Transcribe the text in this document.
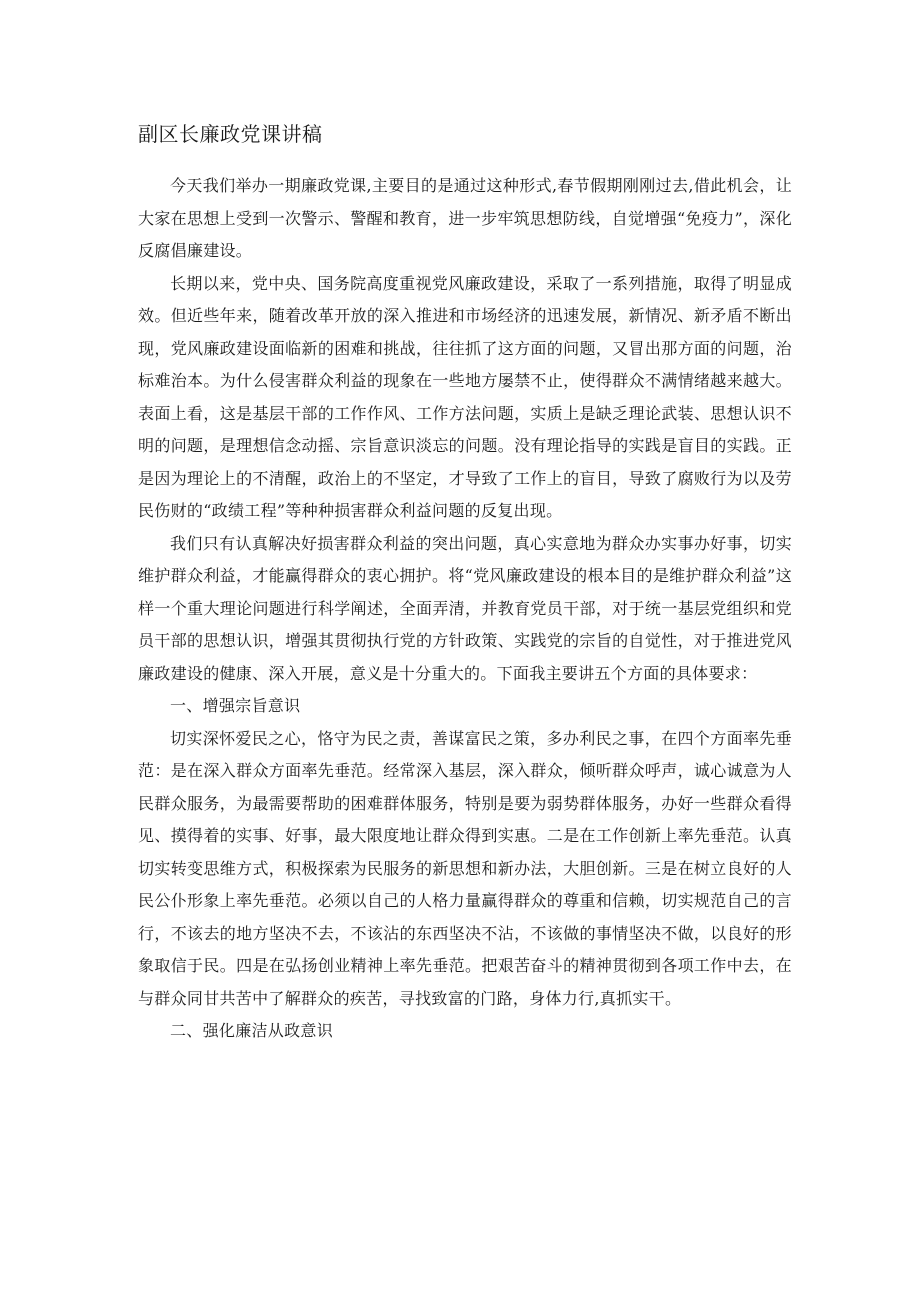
副区长廉政党课讲稿

今天我们举办一期廉政党课,主要目的是通过这种形式,春节假期刚刚过去,借此机会，让大家在思想上受到一次警示、警醒和教育，进一步牢筑思想防线，自觉增强“免疫力”，深化反腐倡廉建设。

长期以来，党中央、国务院高度重视党风廉政建设，采取了一系列措施，取得了明显成效。但近些年来，随着改革开放的深入推进和市场经济的迅速发展，新情况、新矛盾不断出现，党风廉政建设面临新的困难和挑战，往往抓了这方面的问题，又冒出那方面的问题，治标难治本。为什么侵害群众利益的现象在一些地方屡禁不止，使得群众不满情绪越来越大。表面上看，这是基层干部的工作作风、工作方法问题，实质上是缺乏理论武装、思想认识不明的问题，是理想信念动摇、宗旨意识淡忘的问题。没有理论指导的实践是盲目的实践。正是因为理论上的不清醒，政治上的不坚定，才导致了工作上的盲目，导致了腐败行为以及劳民伤财的“政绩工程”等种种损害群众利益问题的反复出现。

我们只有认真解决好损害群众利益的突出问题，真心实意地为群众办实事办好事，切实维护群众利益，才能赢得群众的衷心拥护。将“党风廉政建设的根本目的是维护群众利益”这样一个重大理论问题进行科学阐述，全面弄清，并教育党员干部，对于统一基层党组织和党员干部的思想认识，增强其贯彻执行党的方针政策、实践党的宗旨的自觉性，对于推进党风廉政建设的健康、深入开展，意义是十分重大的。下面我主要讲五个方面的具体要求：

一、增强宗旨意识

切实深怀爱民之心，恪守为民之责，善谋富民之策，多办利民之事，在四个方面率先垂范：是在深入群众方面率先垂范。经常深入基层，深入群众，倾听群众呼声，诚心诚意为人民群众服务，为最需要帮助的困难群体服务，特别是要为弱势群体服务，办好一些群众看得见、摸得着的实事、好事，最大限度地让群众得到实惠。二是在工作创新上率先垂范。认真切实转变思维方式，积极探索为民服务的新思想和新办法，大胆创新。三是在树立良好的人民公仆形象上率先垂范。必须以自己的人格力量赢得群众的尊重和信赖，切实规范自己的言行，不该去的地方坚决不去，不该沾的东西坚决不沾，不该做的事情坚决不做，以良好的形象取信于民。四是在弘扬创业精神上率先垂范。把艰苦奋斗的精神贯彻到各项工作中去，在与群众同甘共苦中了解群众的疾苦，寻找致富的门路，身体力行,真抓实干。

二、强化廉洁从政意识
